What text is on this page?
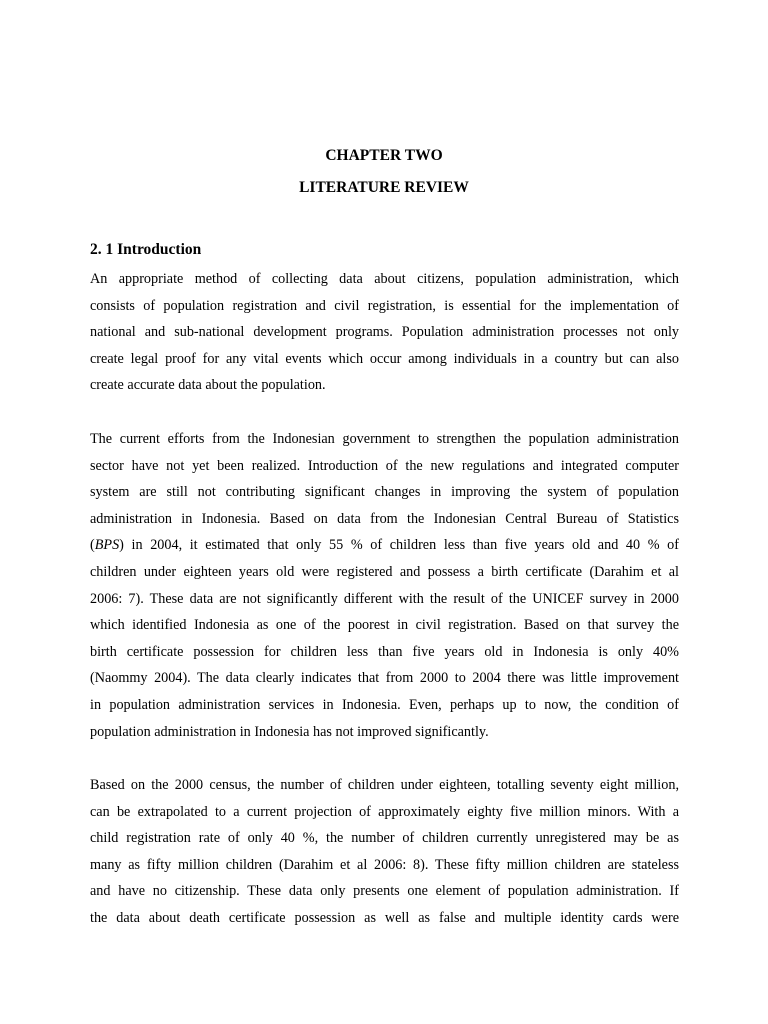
CHAPTER TWO
LITERATURE REVIEW
2. 1 Introduction
An appropriate method of collecting data about citizens, population administration, which
consists of population registration and civil registration, is essential for the implementation of
national and sub-national development programs. Population administration processes not only
create legal proof for any vital events which occur among individuals in a country but can also
create accurate data about the population.
The current efforts from the Indonesian government to strengthen the population administration
sector have not yet been realized. Introduction of the new regulations and integrated computer
system are still not contributing significant changes in improving the system of population
administration in Indonesia. Based on data from the Indonesian Central Bureau of Statistics
(BPS) in 2004, it estimated that only 55 % of children less than five years old and 40 % of
children under eighteen years old were registered and possess a birth certificate (Darahim et al
2006: 7). These data are not significantly different with the result of the UNICEF survey in 2000
which identified Indonesia as one of the poorest in civil registration. Based on that survey the
birth certificate possession for children less than five years old in Indonesia is only 40%
(Naommy 2004). The data clearly indicates that from 2000 to 2004 there was little improvement
in population administration services in Indonesia. Even, perhaps up to now, the condition of
population administration in Indonesia has not improved significantly.
Based on the 2000 census, the number of children under eighteen, totalling seventy eight million,
can be extrapolated to a current projection of approximately eighty five million minors. With a
child registration rate of only 40 %, the number of children currently unregistered may be as
many as fifty million children (Darahim et al 2006: 8). These fifty million children are stateless
and have no citizenship. These data only presents one element of population administration. If
the data about death certificate possession as well as false and multiple identity cards were
